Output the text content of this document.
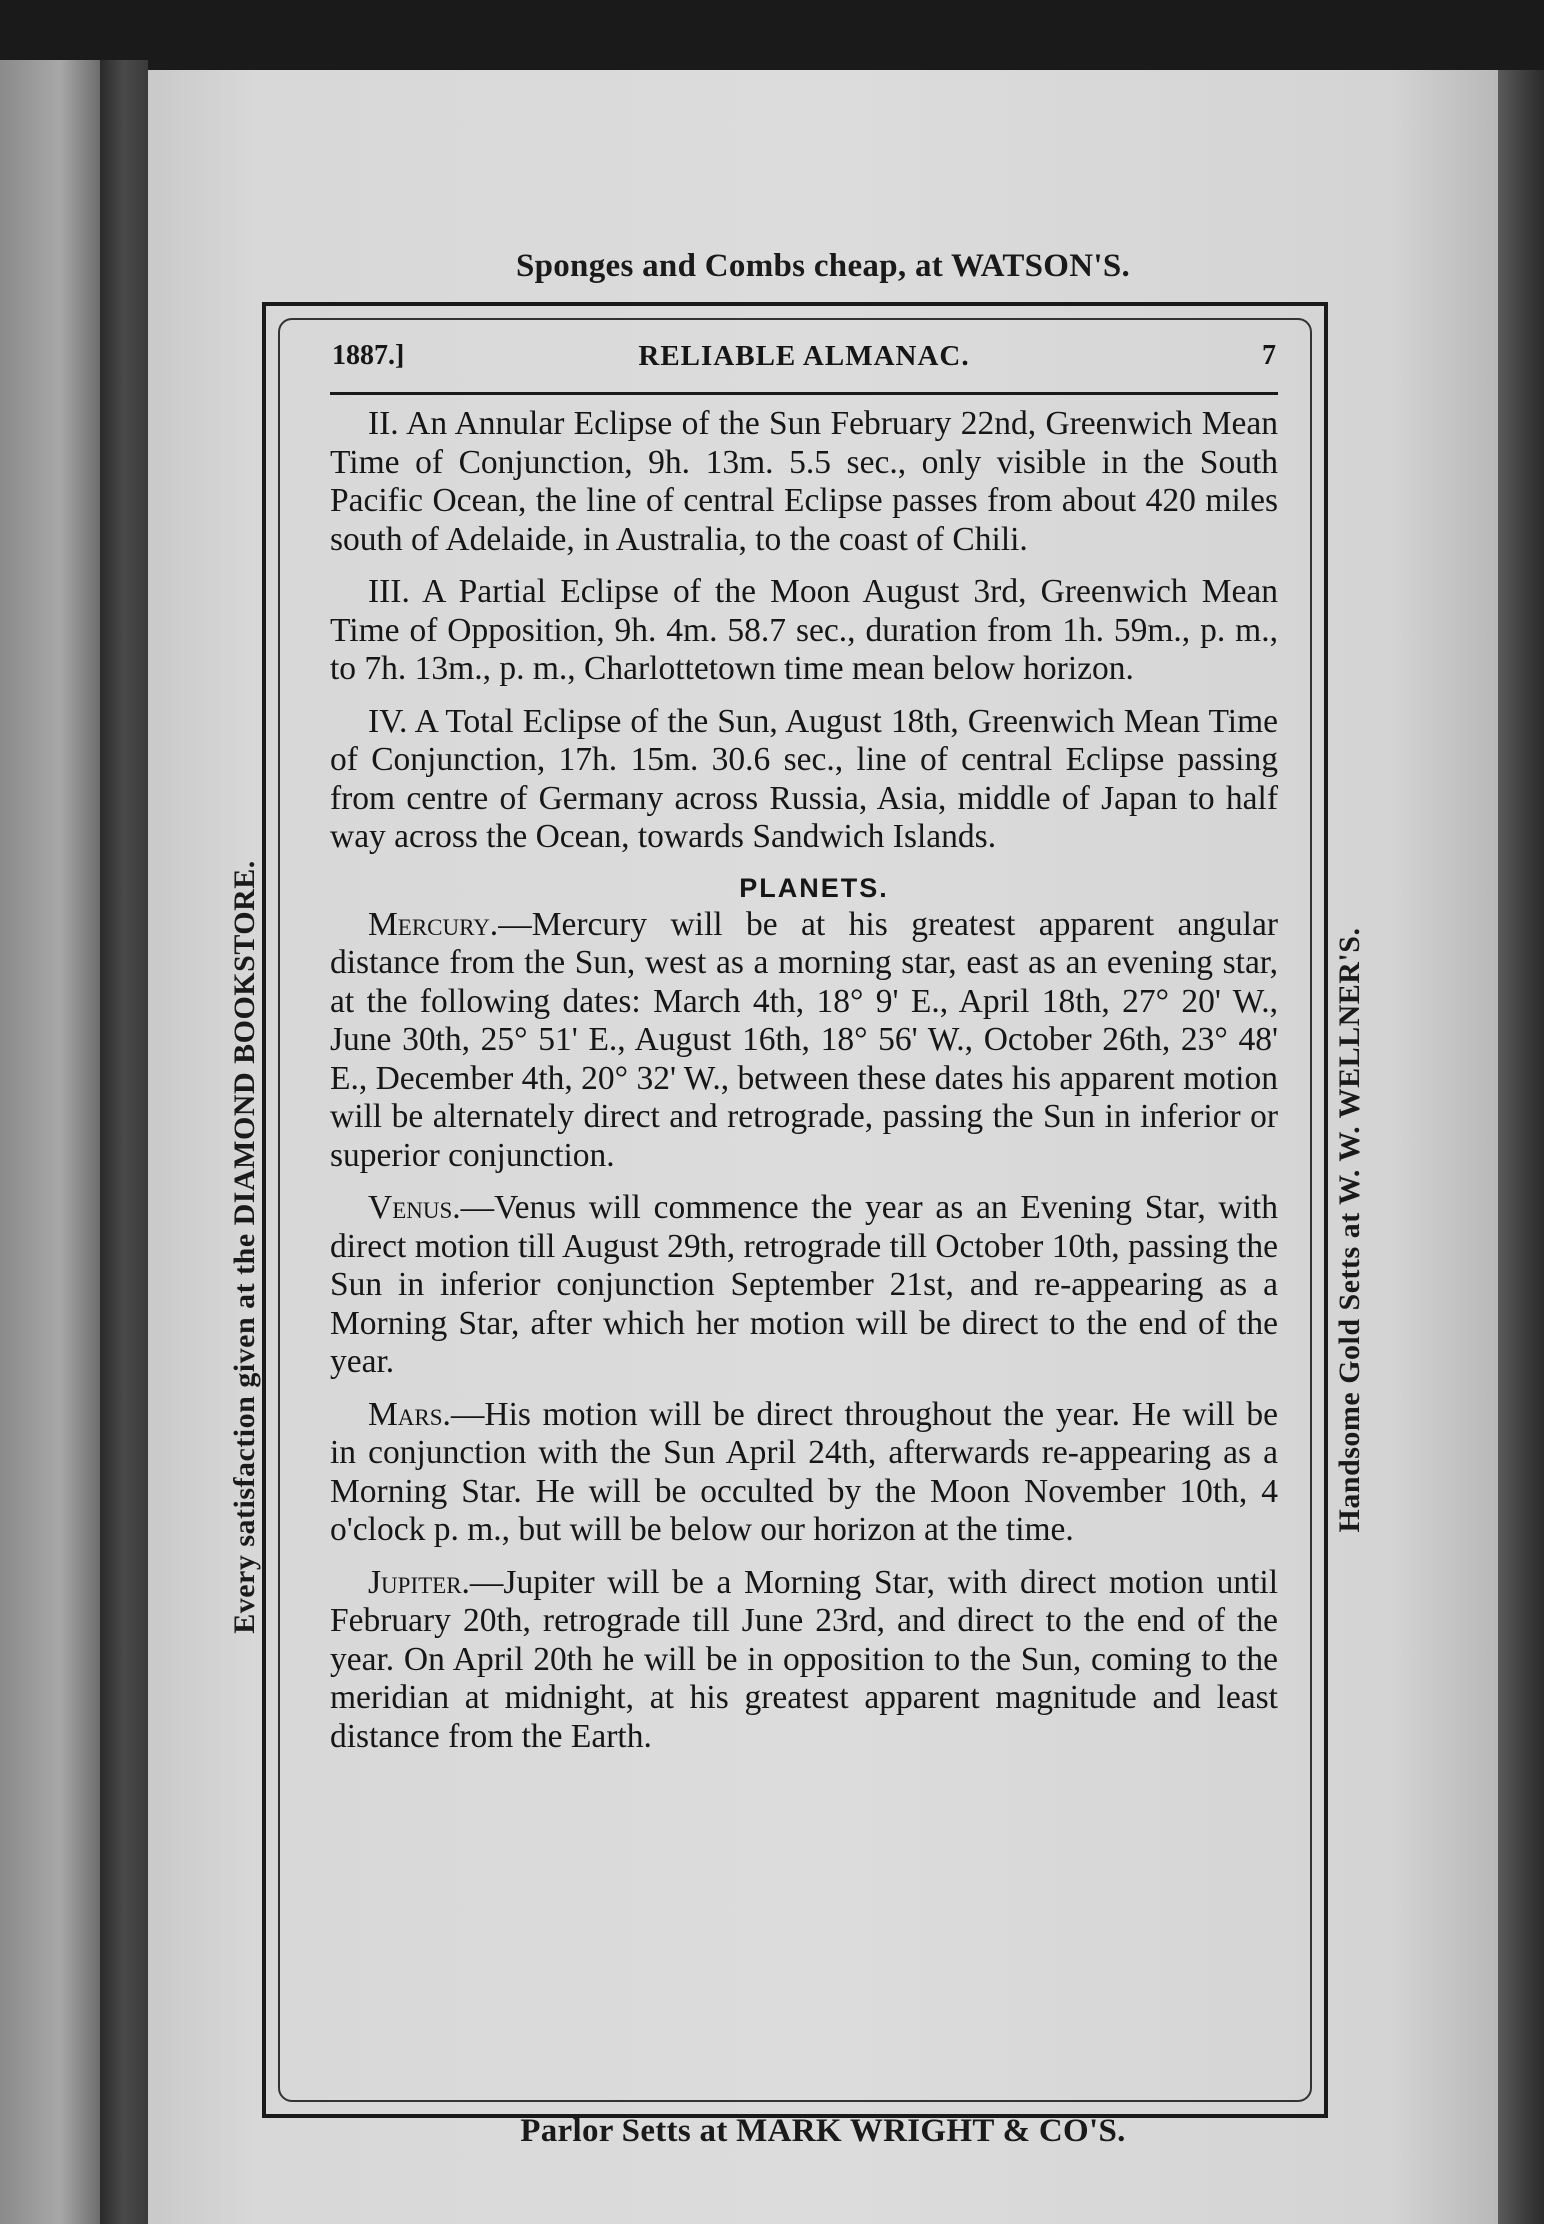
Sponges and Combs cheap, at WATSON'S.
Every satisfaction given at the DIAMOND BOOKSTORE.	Handsome Gold Setts at W. W. WELLNER'S.
Parlor Setts at MARK WRIGHT & CO'S.
1887.]	RELIABLE ALMANAC.	7

II. An Annular Eclipse of the Sun February 22nd, Greenwich Mean Time of Conjunction, 9h. 13m. 5.5 sec., only visible in the South Pacific Ocean, the line of central Eclipse passes from about 420 miles south of Adelaide, in Australia, to the coast of Chili.

III. A Partial Eclipse of the Moon August 3rd, Greenwich Mean Time of Opposition, 9h. 4m. 58.7 sec., duration from 1h. 59m., p. m., to 7h. 13m., p. m., Charlottetown time mean below horizon.

IV. A Total Eclipse of the Sun, August 18th, Greenwich Mean Time of Conjunction, 17h. 15m. 30.6 sec., line of central Eclipse passing from centre of Germany across Russia, Asia, middle of Japan to half way across the Ocean, towards Sandwich Islands.

PLANETS.

Mercury.—Mercury will be at his greatest apparent angular distance from the Sun, west as a morning star, east as an evening star, at the following dates: March 4th, 18° 9' E., April 18th, 27° 20' W., June 30th, 25° 51' E., August 16th, 18° 56' W., October 26th, 23° 48' E., December 4th, 20° 32' W., between these dates his apparent motion will be alternately direct and retrograde, passing the Sun in inferior or superior conjunction.

Venus.—Venus will commence the year as an Evening Star, with direct motion till August 29th, retrograde till October 10th, passing the Sun in inferior conjunction September 21st, and re-appearing as a Morning Star, after which her motion will be direct to the end of the year.

Mars.—His motion will be direct throughout the year. He will be in conjunction with the Sun April 24th, afterwards re-appearing as a Morning Star. He will be occulted by the Moon November 10th, 4 o'clock p. m., but will be below our horizon at the time.

Jupiter.—Jupiter will be a Morning Star, with direct motion until February 20th, retrograde till June 23rd, and direct to the end of the year. On April 20th he will be in opposition to the Sun, coming to the meridian at midnight, at his greatest apparent magnitude and least distance from the Earth.
